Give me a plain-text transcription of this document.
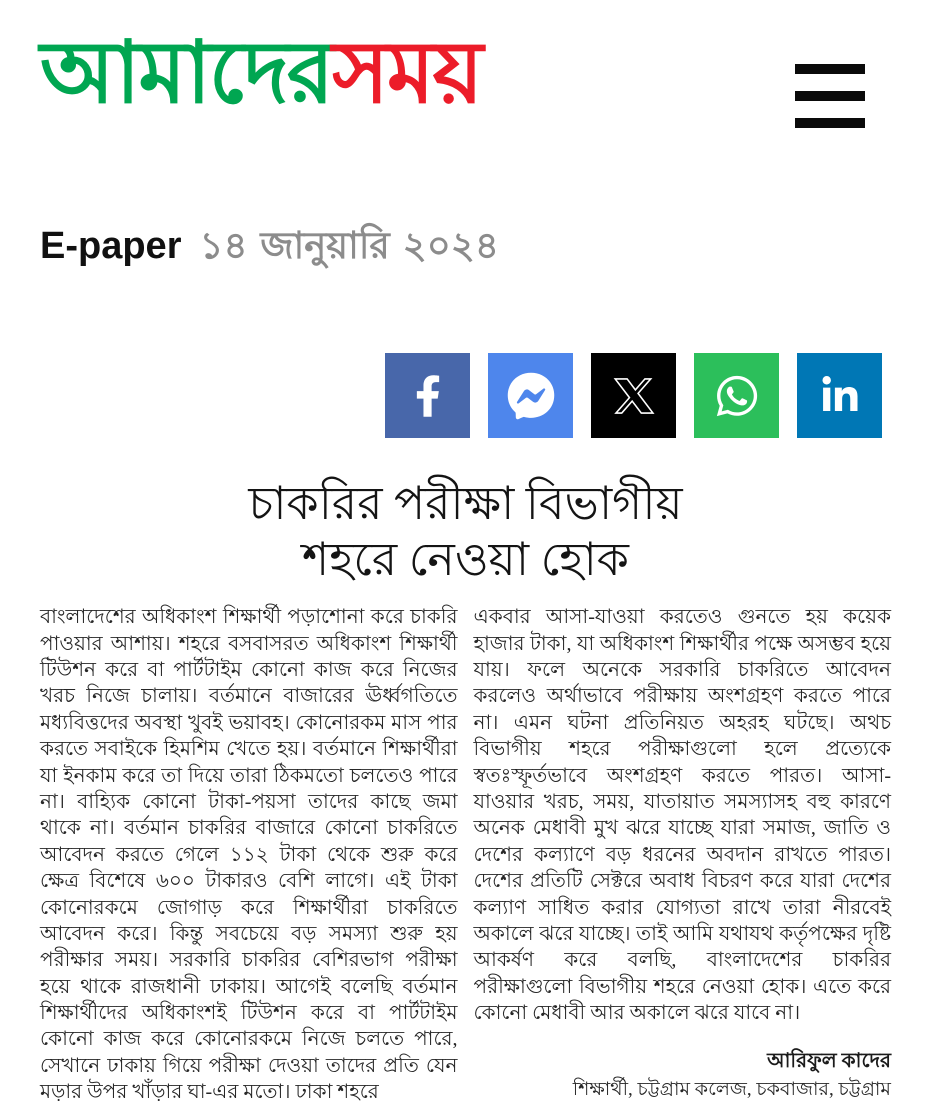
আমাদেরসময়
E-paper ১৪ জানুয়ারি ২০২৪
চাকরির পরীক্ষা বিভাগীয়
শহরে নেওয়া হোক

বাংলাদেশের অধিকাংশ শিক্ষার্থী পড়াশোনা করে চাকরি পাওয়ার আশায়। শহরে বসবাসরত অধিকাংশ শিক্ষার্থী টিউশন করে বা পার্টটাইম কোনো কাজ করে নিজের খরচ নিজে চালায়। বর্তমানে বাজারের ঊর্ধ্বগতিতে মধ্যবিত্তদের অবস্থা খুবই ভয়াবহ। কোনোরকম মাস পার করতে সবাইকে হিমশিম খেতে হয়। বর্তমানে শিক্ষার্থীরা যা ইনকাম করে তা দিয়ে তারা ঠিকমতো চলতেও পারে না। বাহ্যিক কোনো টাকা-পয়সা তাদের কাছে জমা থাকে না। বর্তমান চাকরির বাজারে কোনো চাকরিতে আবেদন করতে গেলে ১১২ টাকা থেকে শুরু করে ক্ষেত্র বিশেষে ৬০০ টাকারও বেশি লাগে। এই টাকা কোনোরকমে জোগাড় করে শিক্ষার্থীরা চাকরিতে আবেদন করে। কিন্তু সবচেয়ে বড় সমস্যা শুরু হয় পরীক্ষার সময়। সরকারি চাকরির বেশিরভাগ পরীক্ষা হয়ে থাকে রাজধানী ঢাকায়। আগেই বলেছি বর্তমান শিক্ষার্থীদের অধিকাংশই টিউশন করে বা পার্টটাইম কোনো কাজ করে কোনোরকমে নিজে চলতে পারে, সেখানে ঢাকায় গিয়ে পরীক্ষা দেওয়া তাদের প্রতি যেন মড়ার উপর খাঁড়ার ঘা-এর মতো। ঢাকা শহরে

একবার আসা-যাওয়া করতেও গুনতে হয় কয়েক হাজার টাকা, যা অধিকাংশ শিক্ষার্থীর পক্ষে অসম্ভব হয়ে যায়। ফলে অনেকে সরকারি চাকরিতে আবেদন করলেও অর্থাভাবে পরীক্ষায় অংশগ্রহণ করতে পারে না। এমন ঘটনা প্রতিনিয়ত অহরহ ঘটছে। অথচ বিভাগীয় শহরে পরীক্ষাগুলো হলে প্রত্যেকে স্বতঃস্ফূর্তভাবে অংশগ্রহণ করতে পারত। আসা-যাওয়ার খরচ, সময়, যাতায়াত সমস্যাসহ বহু কারণে অনেক মেধাবী মুখ ঝরে যাচ্ছে যারা সমাজ, জাতি ও দেশের কল্যাণে বড় ধরনের অবদান রাখতে পারত। দেশের প্রতিটি সেক্টরে অবাধ বিচরণ করে যারা দেশের কল্যাণ সাধিত করার যোগ্যতা রাখে তারা নীরবেই অকালে ঝরে যাচ্ছে। তাই আমি যথাযথ কর্তৃপক্ষের দৃষ্টি আকর্ষণ করে বলছি, বাংলাদেশের চাকরির পরীক্ষাগুলো বিভাগীয় শহরে নেওয়া হোক। এতে করে কোনো মেধাবী আর অকালে ঝরে যাবে না।

আরিফুল কাদের
শিক্ষার্থী, চট্টগ্রাম কলেজ, চকবাজার, চট্টগ্রাম
